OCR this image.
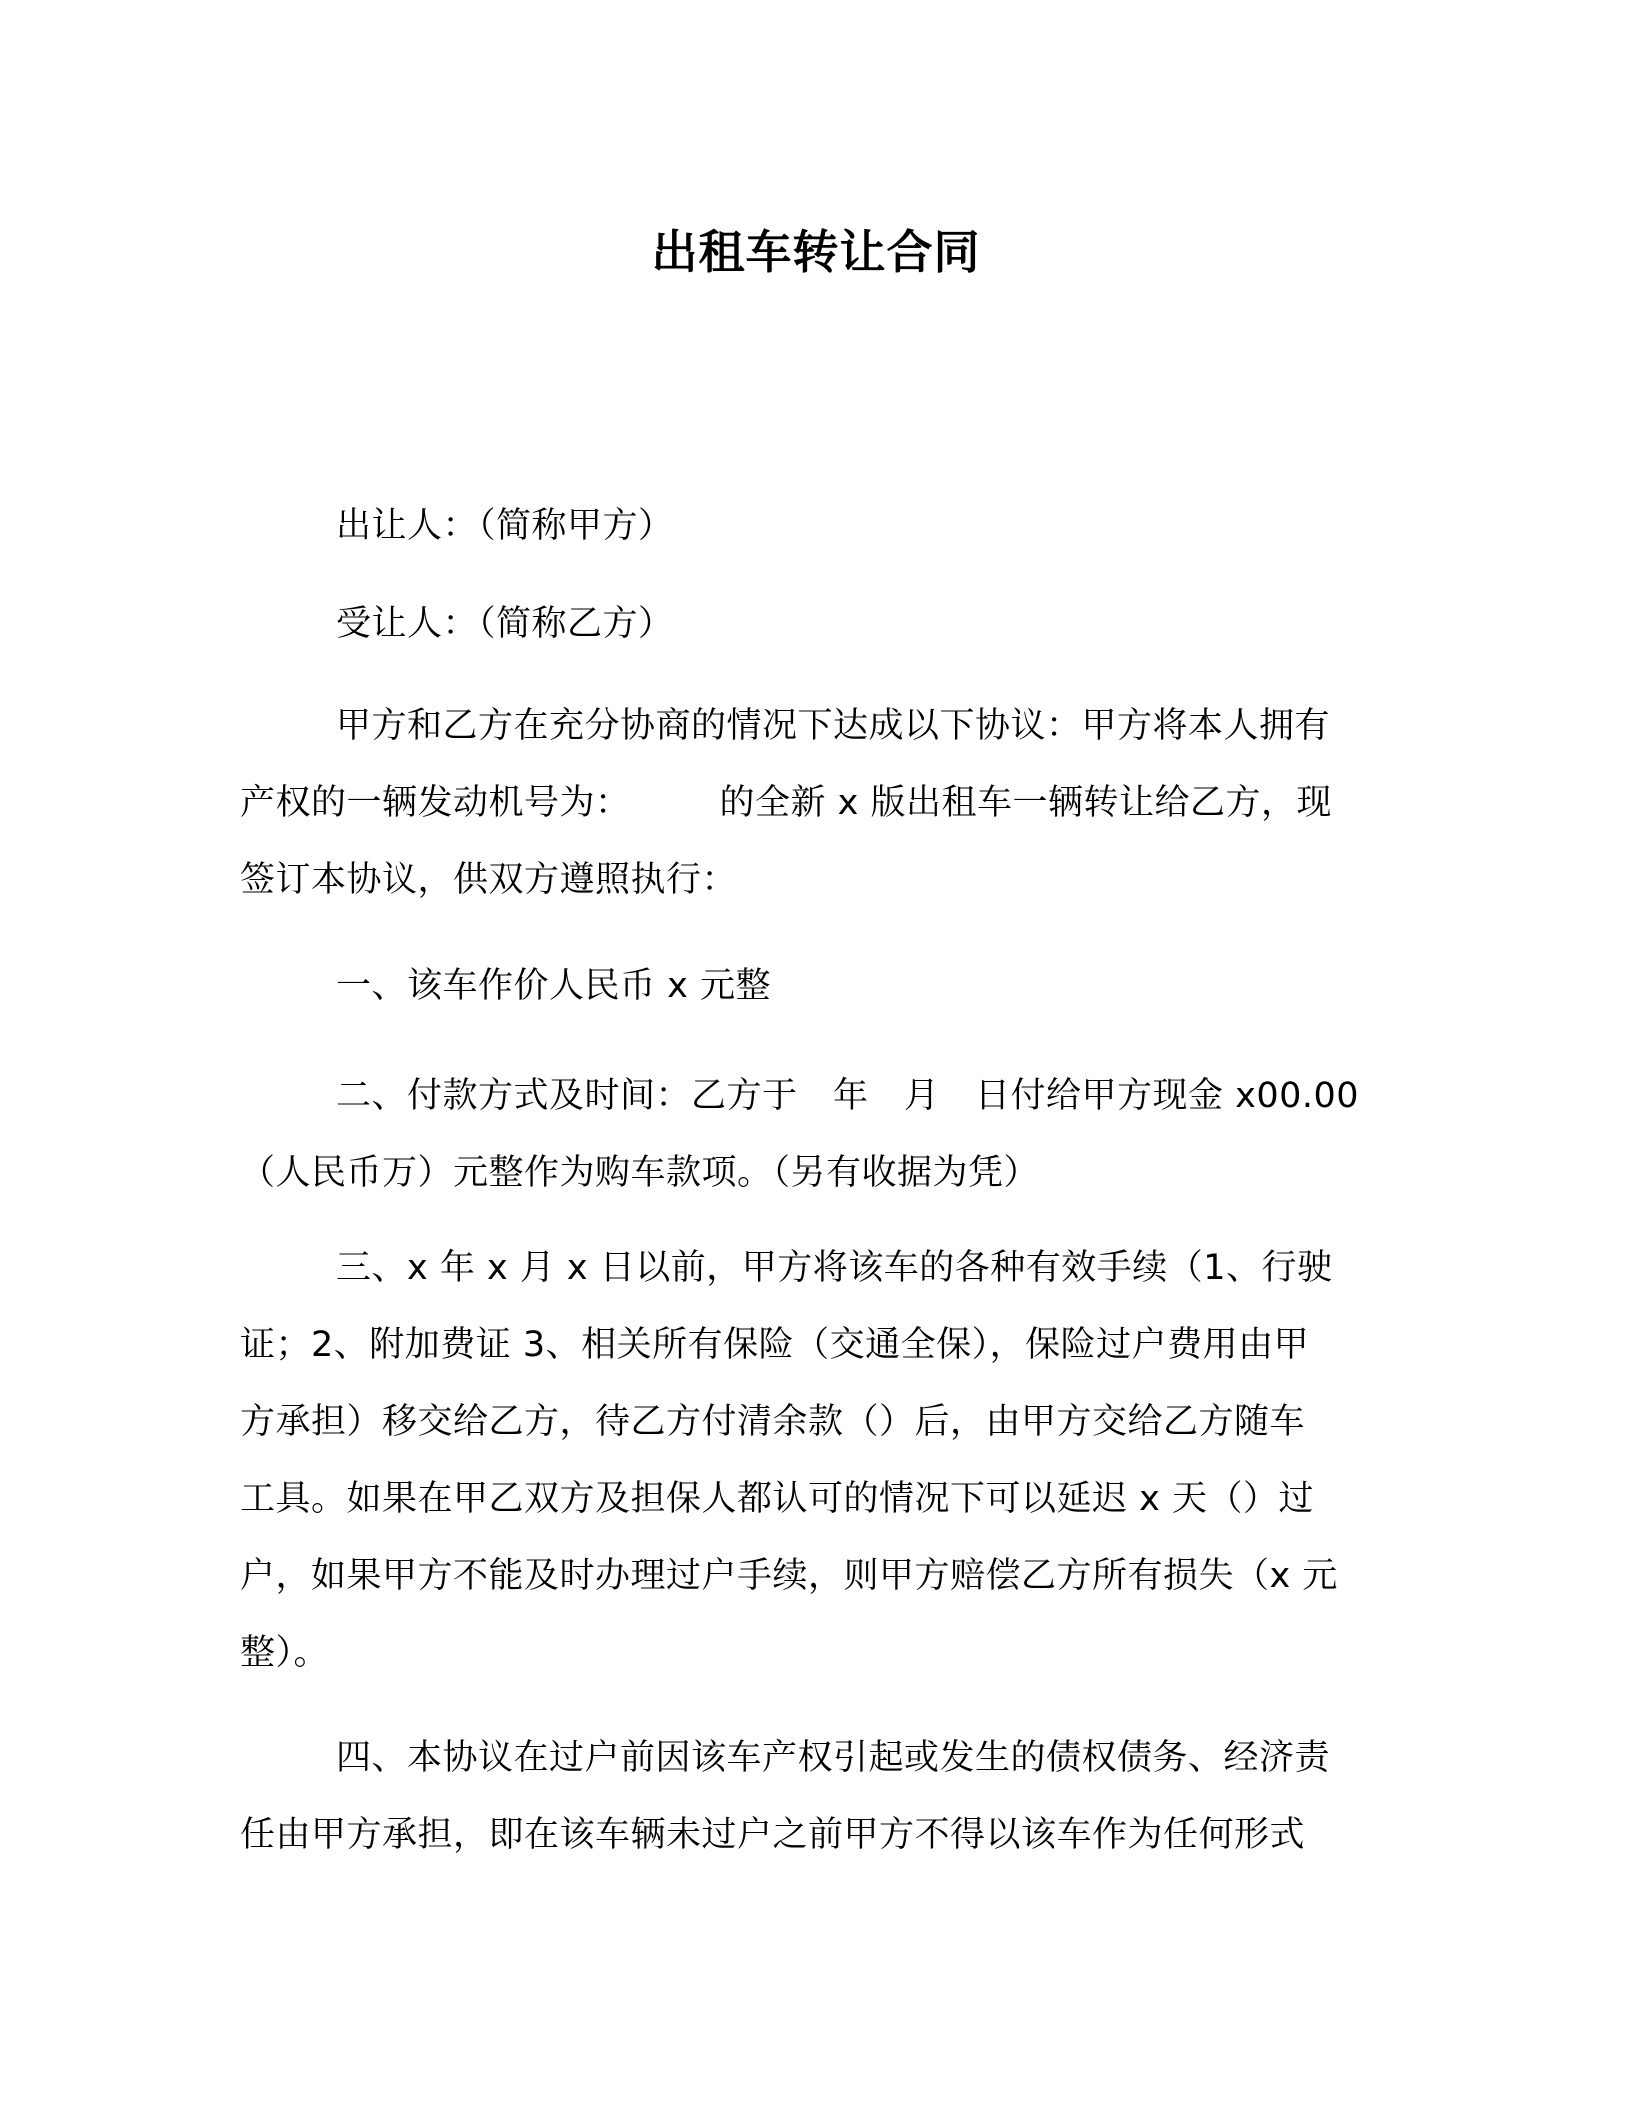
出租车转让合同
出让人：（简称甲方）
受让人：（简称乙方）
甲方和乙方在充分协商的情况下达成以下协议：甲方将本人拥有
产权的一辆发动机号为：　　　的全新 x 版出租车一辆转让给乙方，现
签订本协议，供双方遵照执行：
一、该车作价人民币 x 元整
二、付款方式及时间：乙方于　年　月　日付给甲方现金 x00.00
（人民币万）元整作为购车款项。（另有收据为凭）
三、x 年 x 月 x 日以前，甲方将该车的各种有效手续（1、行驶
证；2、附加费证 3、相关所有保险（交通全保），保险过户费用由甲
方承担）移交给乙方，待乙方付清余款（）后，由甲方交给乙方随车
工具。如果在甲乙双方及担保人都认可的情况下可以延迟 x 天（）过
户，如果甲方不能及时办理过户手续，则甲方赔偿乙方所有损失（x 元
整）。
四、本协议在过户前因该车产权引起或发生的债权债务、经济责
任由甲方承担，即在该车辆未过户之前甲方不得以该车作为任何形式
